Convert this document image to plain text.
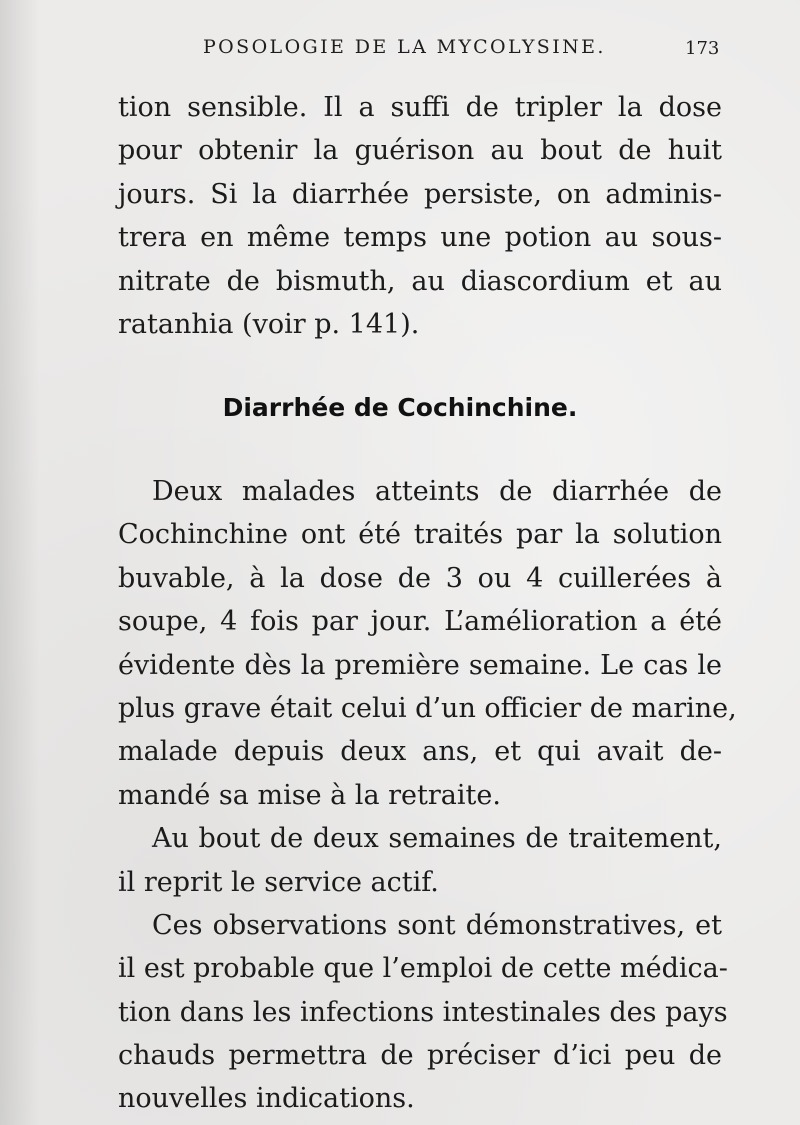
POSOLOGIE DE LA MYCOLYSINE.	173
tion sensible. Il a suffi de tripler la dose
pour obtenir la guérison au bout de huit
jours. Si la diarrhée persiste, on adminis-
trera en même temps une potion au sous-
nitrate de bismuth, au diascordium et au
ratanhia (voir p. 141).
Diarrhée de Cochinchine.
Deux malades atteints de diarrhée de
Cochinchine ont été traités par la solution
buvable, à la dose de 3 ou 4 cuillerées à
soupe, 4 fois par jour. L’amélioration a été
évidente dès la première semaine. Le cas le
plus grave était celui d’un officier de marine,
malade depuis deux ans, et qui avait de-
mandé sa mise à la retraite.
Au bout de deux semaines de traitement,
il reprit le service actif.
Ces observations sont démonstratives, et
il est probable que l’emploi de cette médica-
tion dans les infections intestinales des pays
chauds permettra de préciser d’ici peu de
nouvelles indications.
